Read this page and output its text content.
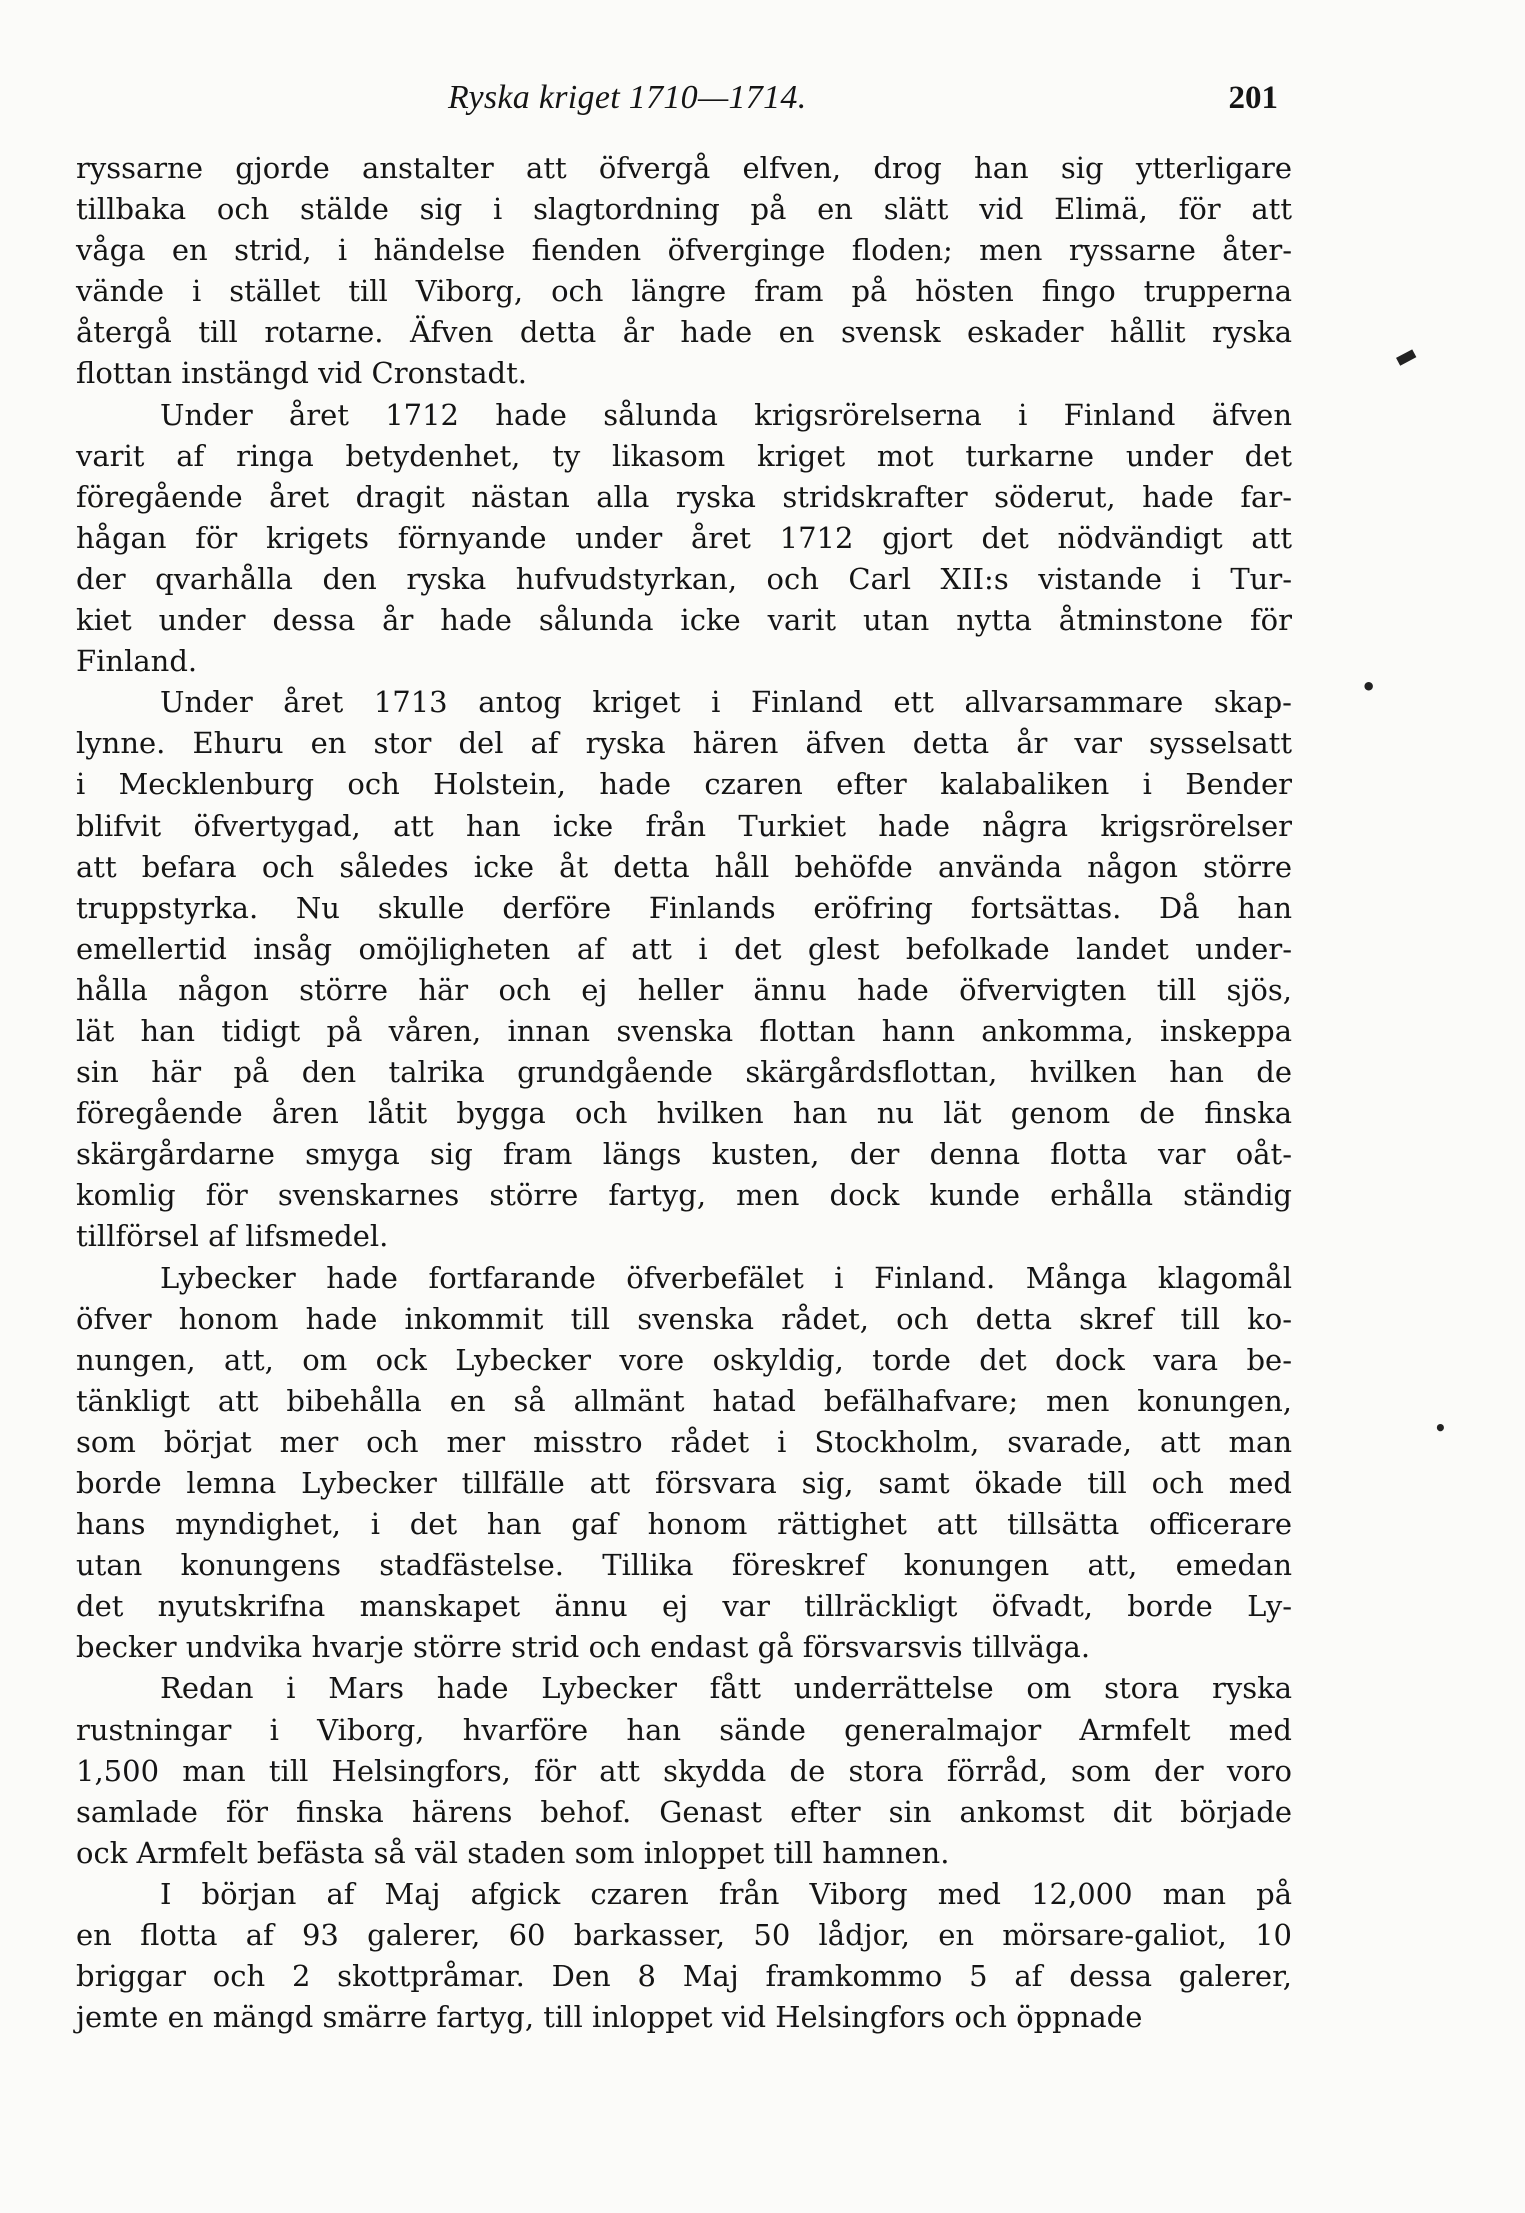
Ryska kriget 1710—1714.	201
ryssarne gjorde anstalter att öfvergå elfven, drog han sig ytterligare
tillbaka och stälde sig i slagtordning på en slätt vid Elimä, för att
våga en strid, i händelse fienden öfverginge floden; men ryssarne åter-
vände i stället till Viborg, och längre fram på hösten fingo trupperna
återgå till rotarne. Äfven detta år hade en svensk eskader hållit ryska
flottan instängd vid Cronstadt.
Under året 1712 hade sålunda krigsrörelserna i Finland äfven
varit af ringa betydenhet, ty likasom kriget mot turkarne under det
föregående året dragit nästan alla ryska stridskrafter söderut, hade far-
hågan för krigets förnyande under året 1712 gjort det nödvändigt att
der qvarhålla den ryska hufvudstyrkan, och Carl XII:s vistande i Tur-
kiet under dessa år hade sålunda icke varit utan nytta åtminstone för
Finland.
Under året 1713 antog kriget i Finland ett allvarsammare skap-
lynne. Ehuru en stor del af ryska hären äfven detta år var sysselsatt
i Mecklenburg och Holstein, hade czaren efter kalabaliken i Bender
blifvit öfvertygad, att han icke från Turkiet hade några krigsrörelser
att befara och således icke åt detta håll behöfde använda någon större
truppstyrka. Nu skulle derföre Finlands eröfring fortsättas. Då han
emellertid insåg omöjligheten af att i det glest befolkade landet under-
hålla någon större här och ej heller ännu hade öfvervigten till sjös,
lät han tidigt på våren, innan svenska flottan hann ankomma, inskeppa
sin här på den talrika grundgående skärgårdsflottan, hvilken han de
föregående åren låtit bygga och hvilken han nu lät genom de finska
skärgårdarne smyga sig fram längs kusten, der denna flotta var oåt-
komlig för svenskarnes större fartyg, men dock kunde erhålla ständig
tillförsel af lifsmedel.
Lybecker hade fortfarande öfverbefälet i Finland. Många klagomål
öfver honom hade inkommit till svenska rådet, och detta skref till ko-
nungen, att, om ock Lybecker vore oskyldig, torde det dock vara be-
tänkligt att bibehålla en så allmänt hatad befälhafvare; men konungen,
som börjat mer och mer misstro rådet i Stockholm, svarade, att man
borde lemna Lybecker tillfälle att försvara sig, samt ökade till och med
hans myndighet, i det han gaf honom rättighet att tillsätta officerare
utan konungens stadfästelse. Tillika föreskref konungen att, emedan
det nyutskrifna manskapet ännu ej var tillräckligt öfvadt, borde Ly-
becker undvika hvarje större strid och endast gå försvarsvis tillväga.
Redan i Mars hade Lybecker fått underrättelse om stora ryska
rustningar i Viborg, hvarföre han sände generalmajor Armfelt med
1,500 man till Helsingfors, för att skydda de stora förråd, som der voro
samlade för finska härens behof. Genast efter sin ankomst dit började
ock Armfelt befästa så väl staden som inloppet till hamnen.
I början af Maj afgick czaren från Viborg med 12,000 man på
en flotta af 93 galerer, 60 barkasser, 50 lådjor, en mörsare-galiot, 10
briggar och 2 skottpråmar. Den 8 Maj framkommo 5 af dessa galerer,
jemte en mängd smärre fartyg, till inloppet vid Helsingfors och öppnade
▬
•
•
